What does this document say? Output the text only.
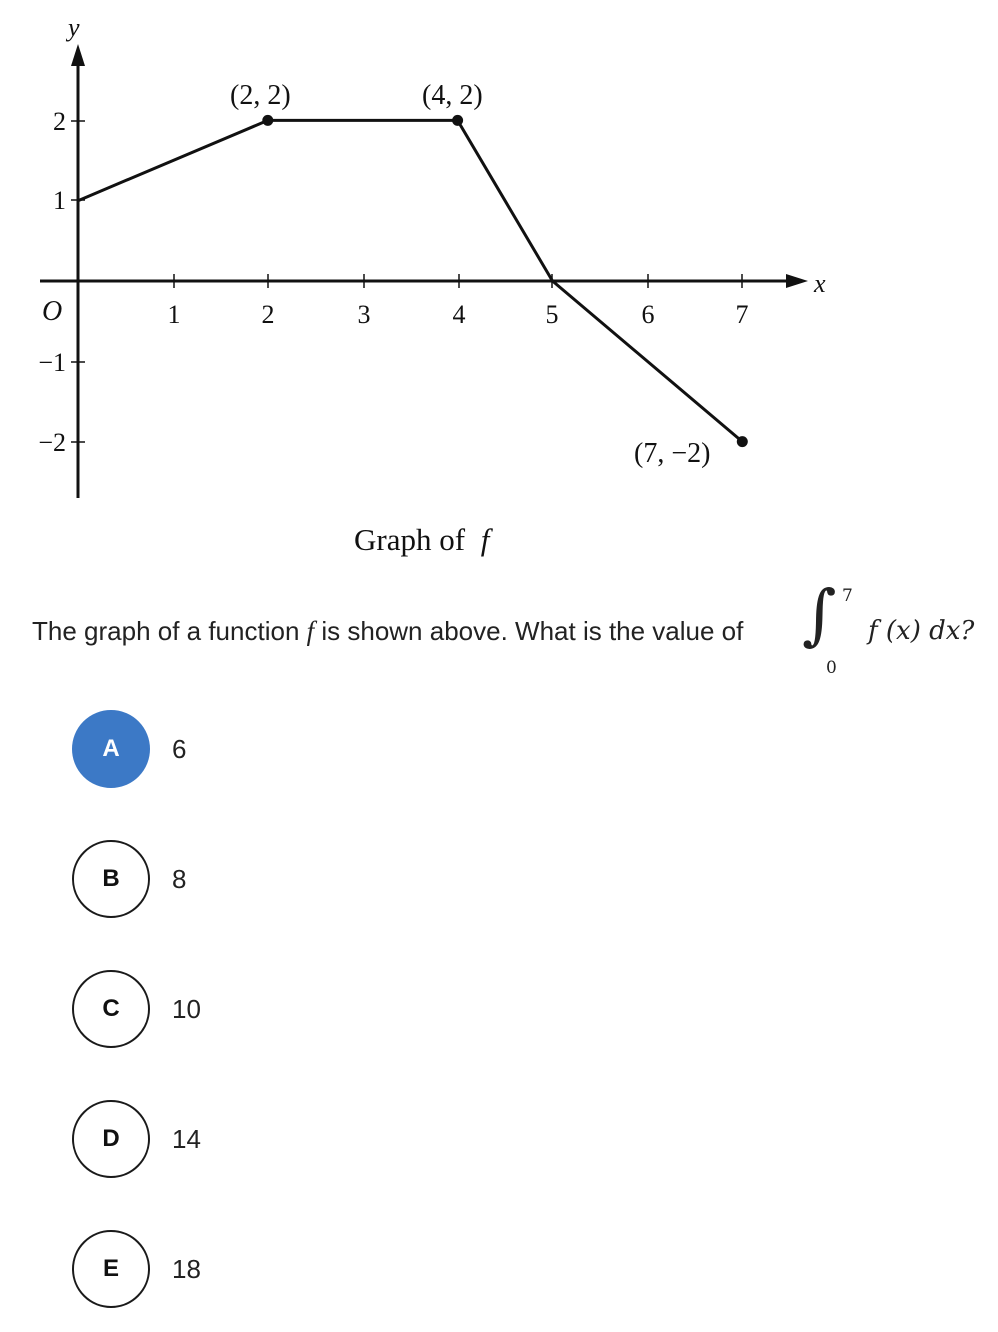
y
x
O	1	2	3	4	5	6	7
2
1
−1
−2
(2, 2)	(4, 2)
(7, −2)
Graph of f
The graph of a function f is shown above. What is the value of ∫ 7
0
f (x) dx?
A	6
B	8
C	10
D	14
E	18
